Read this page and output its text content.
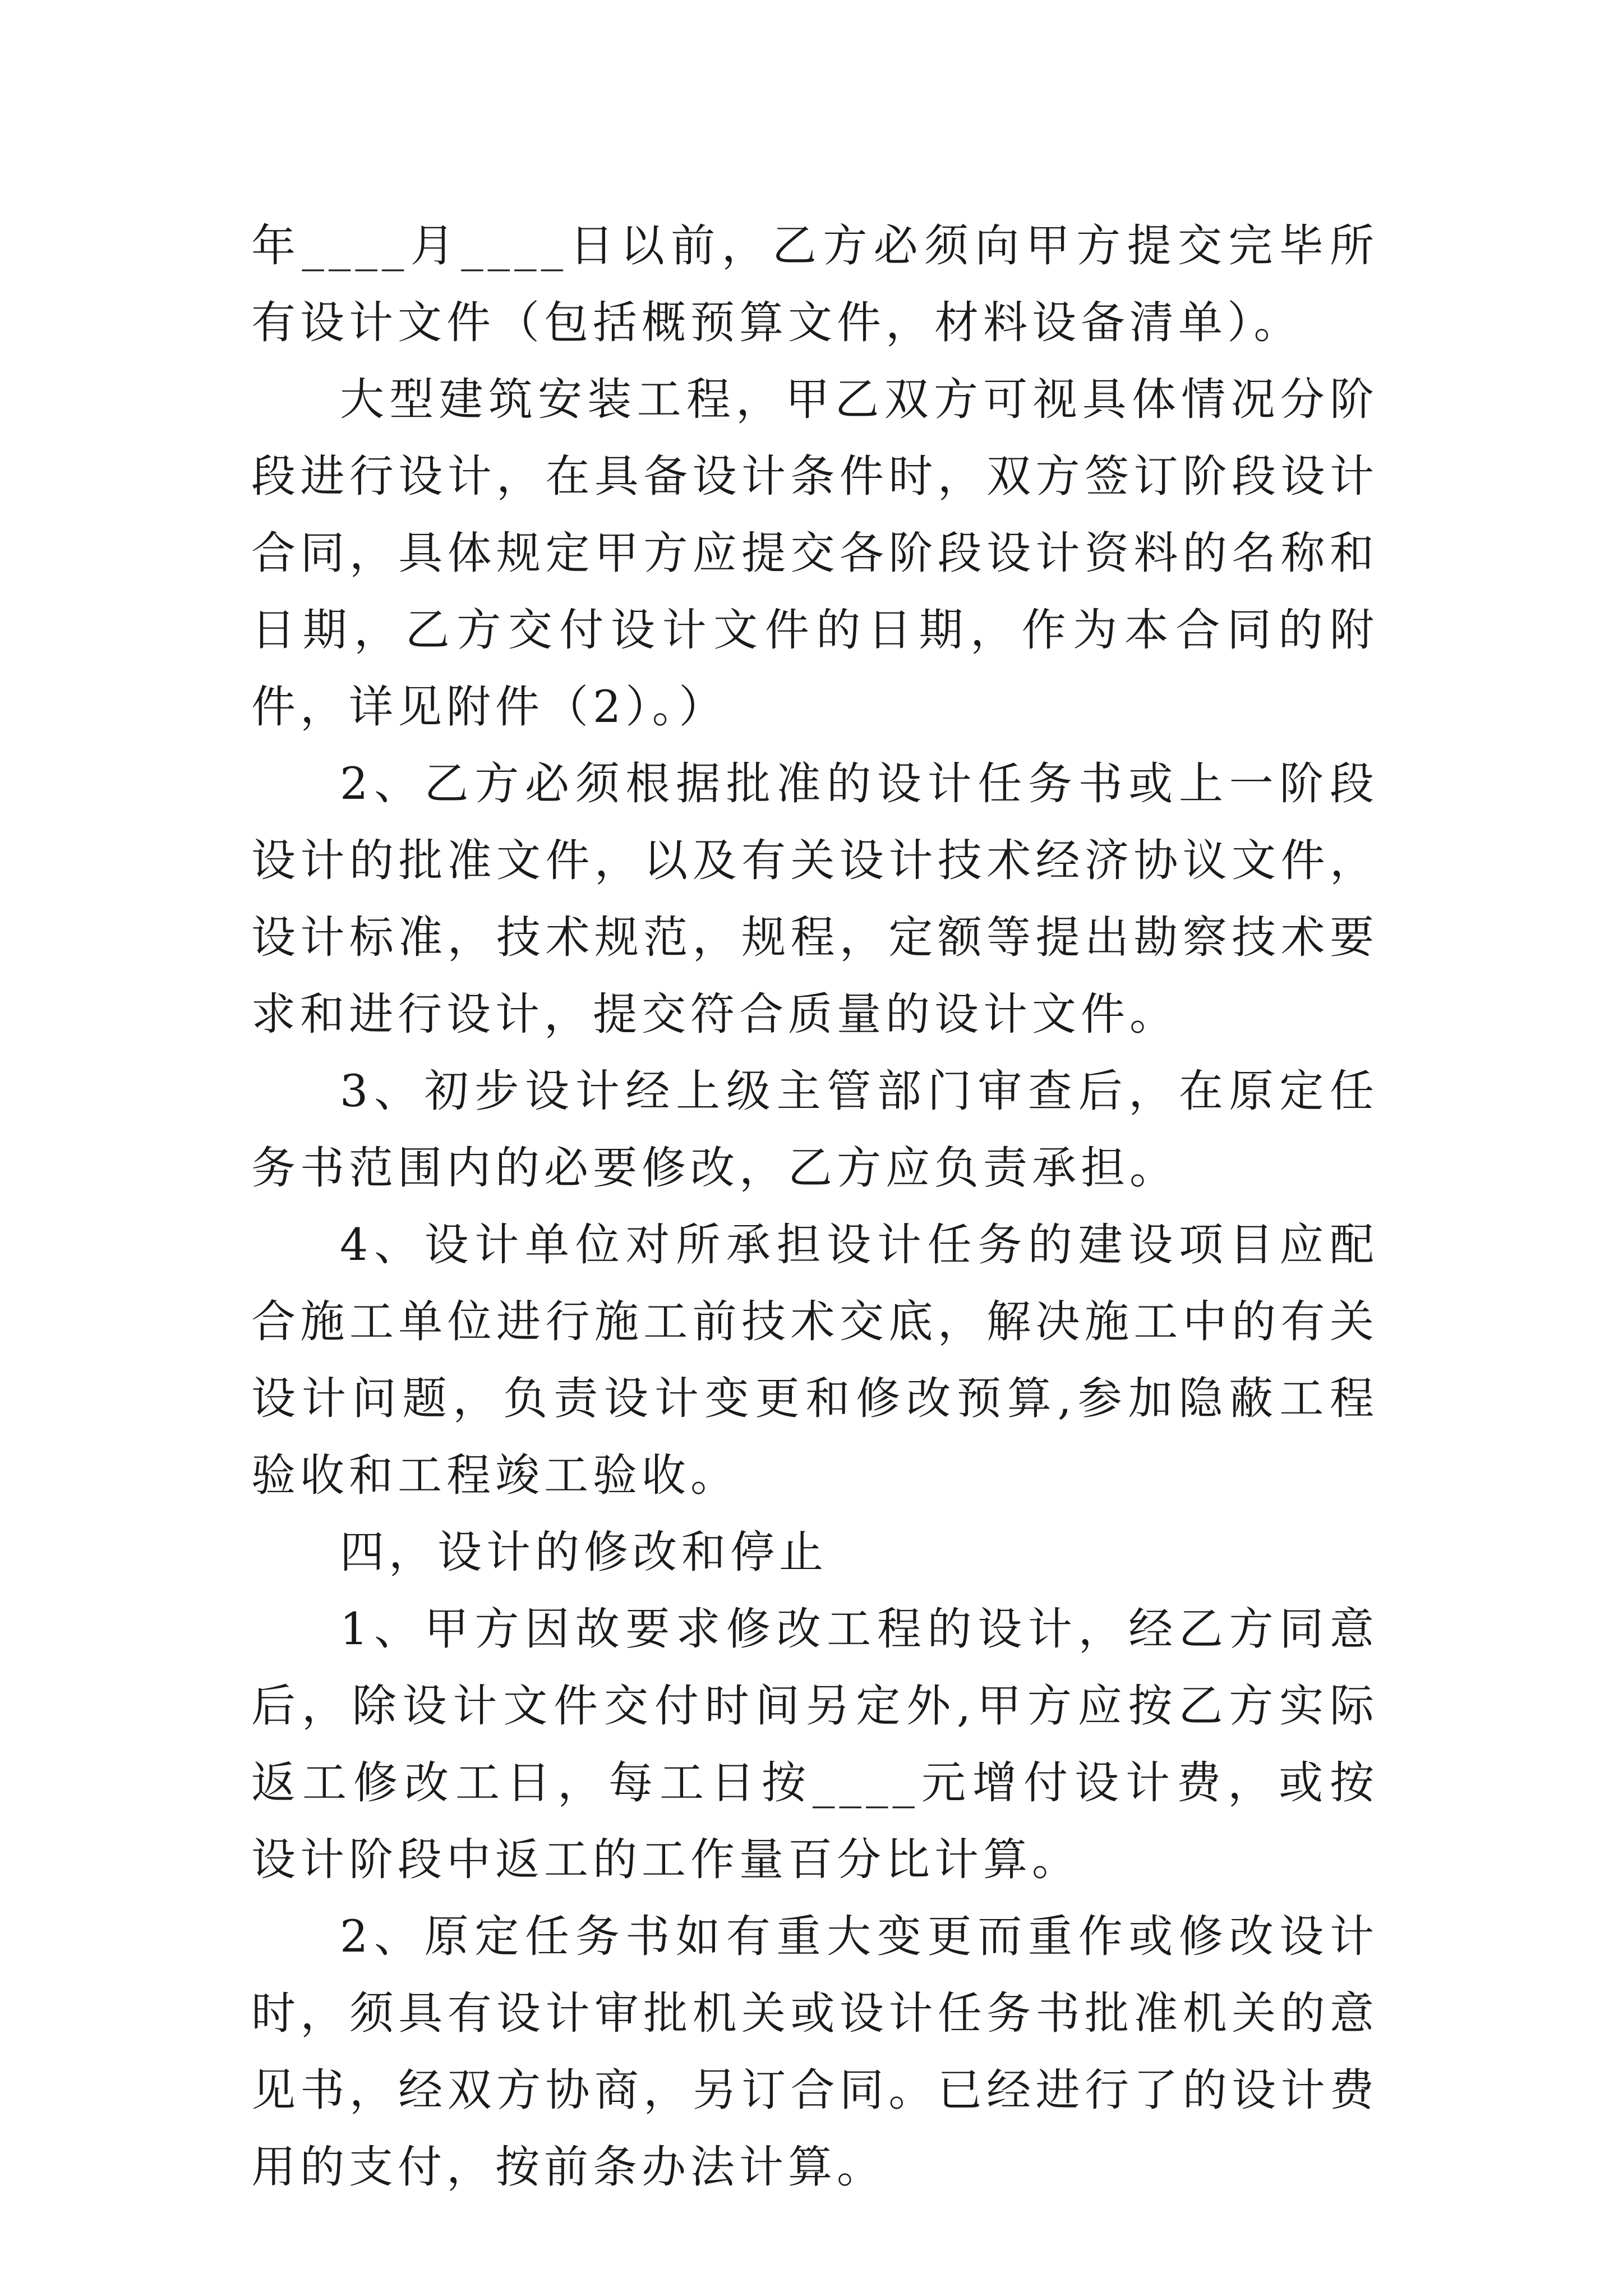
年____月____日以前，乙方必须向甲方提交完毕所有设计文件（包括概预算文件，材料设备清单）。

大型建筑安装工程，甲乙双方可视具体情况分阶段进行设计，在具备设计条件时，双方签订阶段设计合同，具体规定甲方应提交各阶段设计资料的名称和日期，乙方交付设计文件的日期，作为本合同的附件，详见附件（2）。）

2、乙方必须根据批准的设计任务书或上一阶段设计的批准文件，以及有关设计技术经济协议文件，设计标准，技术规范，规程，定额等提出勘察技术要求和进行设计，提交符合质量的设计文件。

3、初步设计经上级主管部门审查后，在原定任务书范围内的必要修改，乙方应负责承担。

4、设计单位对所承担设计任务的建设项目应配合施工单位进行施工前技术交底，解决施工中的有关设计问题，负责设计变更和修改预算,参加隐蔽工程验收和工程竣工验收。

四，设计的修改和停止

1、甲方因故要求修改工程的设计，经乙方同意后，除设计文件交付时间另定外,甲方应按乙方实际返工修改工日，每工日按____元增付设计费，或按设计阶段中返工的工作量百分比计算。

2、原定任务书如有重大变更而重作或修改设计时，须具有设计审批机关或设计任务书批准机关的意见书，经双方协商，另订合同。已经进行了的设计费用的支付，按前条办法计算。
